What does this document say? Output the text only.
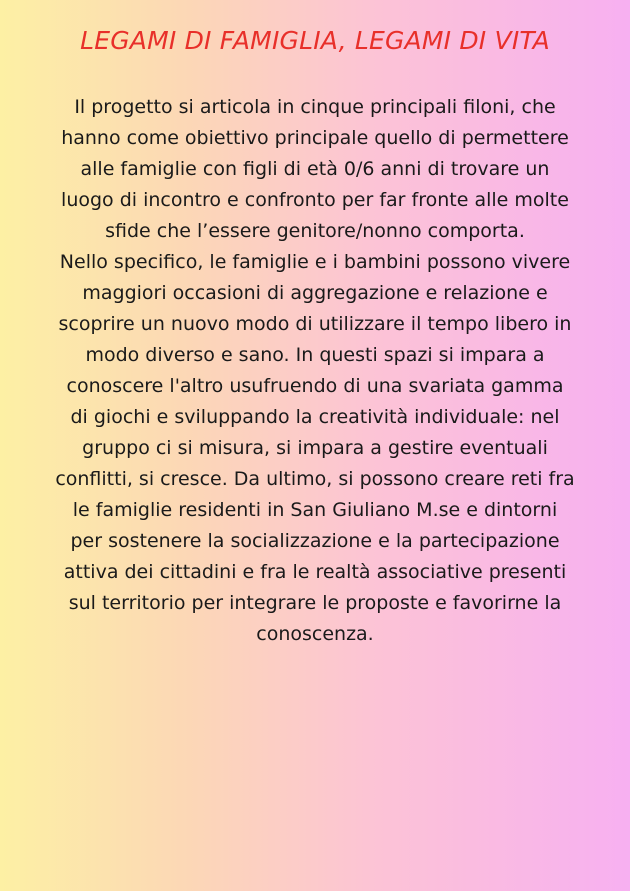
LEGAMI DI FAMIGLIA, LEGAMI DI VITA

Il progetto si articola in cinque principali filoni, che hanno come obiettivo principale quello di permettere alle famiglie con figli di età 0/6 anni di trovare un luogo di incontro e confronto per far fronte alle molte sfide che l’essere genitore/nonno comporta.

Nello specifico, le famiglie e i bambini possono vivere maggiori occasioni di aggregazione e relazione e scoprire un nuovo modo di utilizzare il tempo libero in modo diverso e sano. In questi spazi si impara a conoscere l'altro usufruendo di una svariata gamma di giochi e sviluppando la creatività individuale: nel gruppo ci si misura, si impara a gestire eventuali conflitti, si cresce. Da ultimo, si possono creare reti fra le famiglie residenti in San Giuliano M.se e dintorni per sostenere la socializzazione e la partecipazione attiva dei cittadini e fra le realtà associative presenti sul territorio per integrare le proposte e favorirne la conoscenza.
